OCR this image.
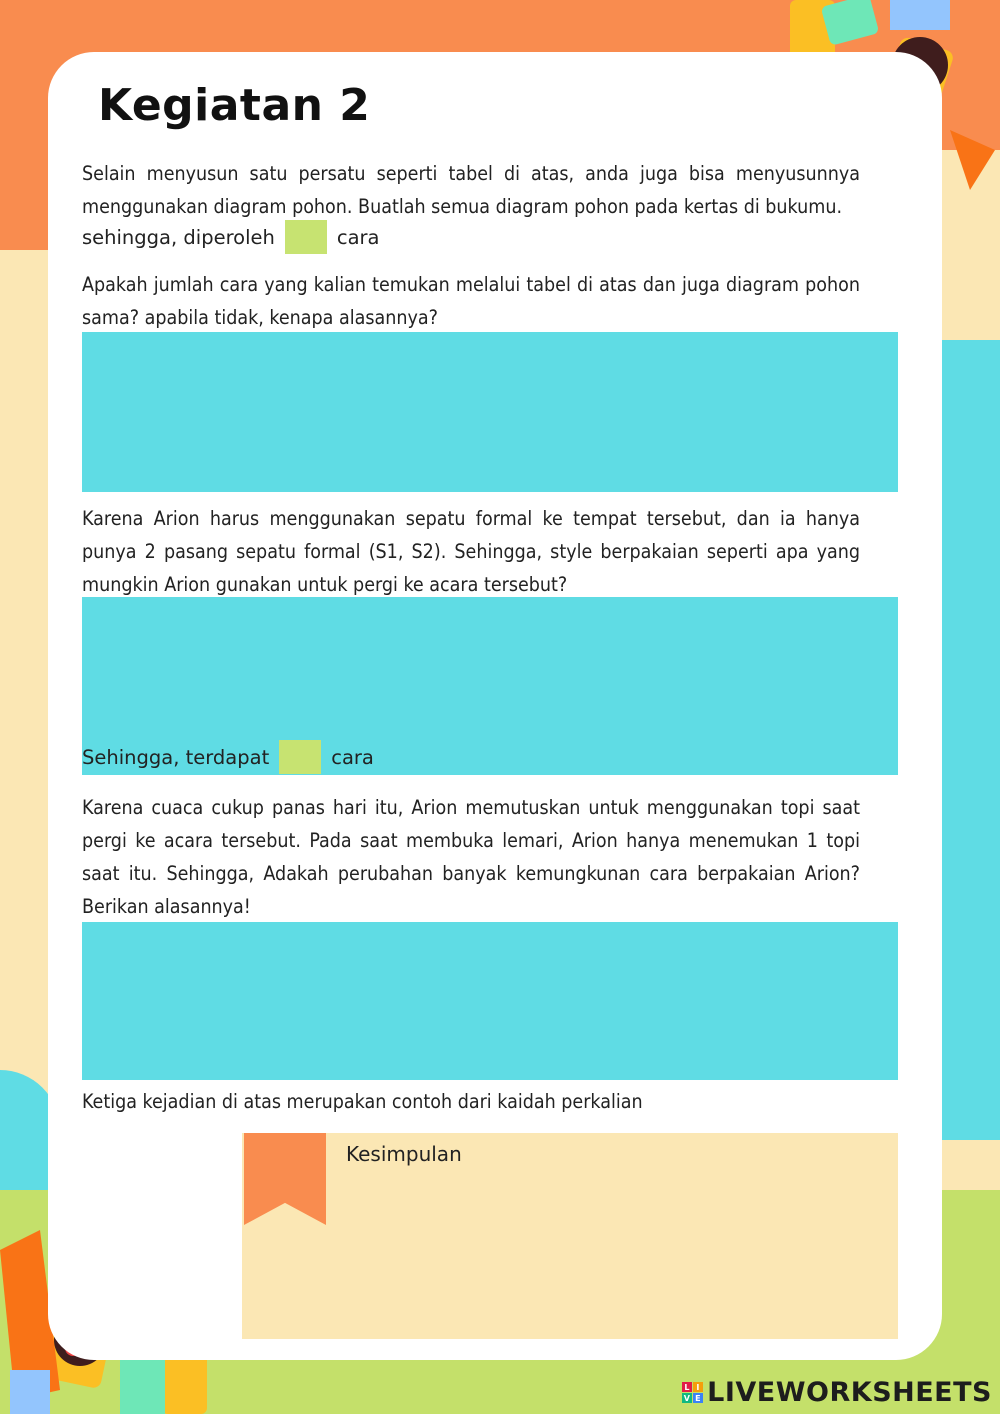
Kegiatan 2
Selain menyusun satu persatu seperti tabel di atas, anda juga bisa menyusunnya menggunakan diagram pohon. Buatlah semua diagram pohon pada kertas di bukumu.
sehingga, diperoleh	cara
Apakah jumlah cara yang kalian temukan melalui tabel di atas dan juga diagram pohon sama? apabila tidak, kenapa alasannya?
Karena Arion harus menggunakan sepatu formal ke tempat tersebut, dan ia hanya punya 2 pasang sepatu formal (S1, S2). Sehingga, style berpakaian seperti apa yang mungkin Arion gunakan untuk pergi ke acara tersebut?
Sehingga, terdapat	cara
Karena cuaca cukup panas hari itu, Arion memutuskan untuk menggunakan topi saat pergi ke acara tersebut. Pada saat membuka lemari, Arion hanya menemukan 1 topi saat itu. Sehingga, Adakah perubahan banyak kemungkunan cara berpakaian Arion? Berikan alasannya!
Ketiga kejadian di atas merupakan contoh dari kaidah perkalian
Kesimpulan
L I
V E LIVEWORKSHEETS
